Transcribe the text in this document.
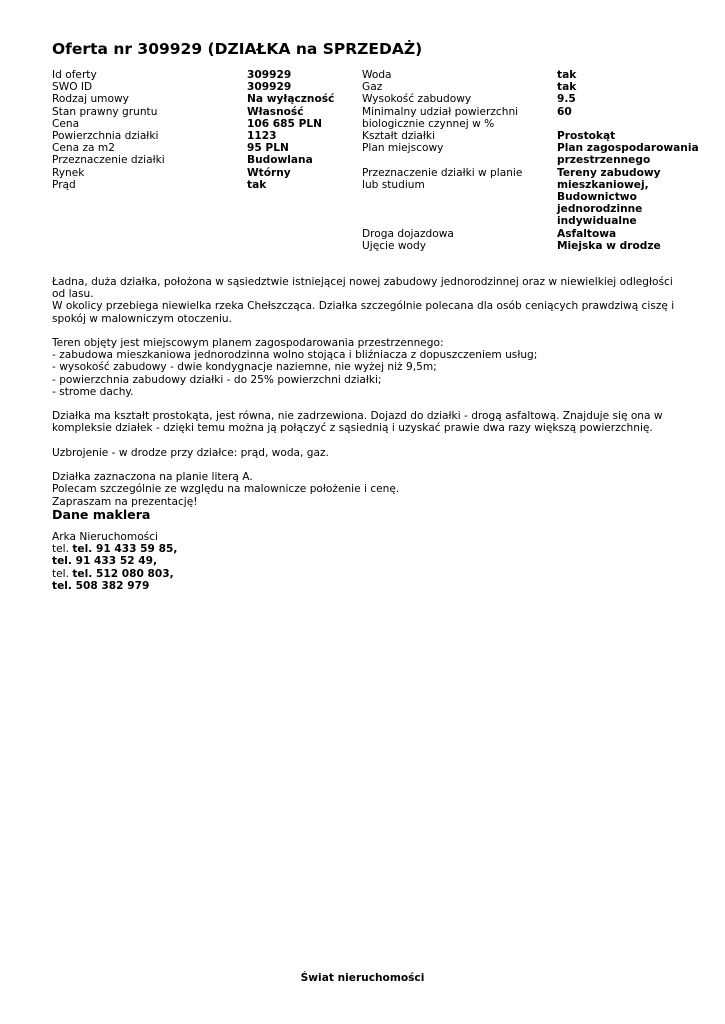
Oferta nr 309929 (DZIAŁKA na SPRZEDAŻ)
Id oferty	309929
SWO ID	309929
Rodzaj umowy	Na wyłączność
Stan prawny gruntu	Własność
Cena	106 685 PLN
Powierzchnia działki	1123
Cena za m2	95 PLN
Przeznaczenie działki	Budowlana
Rynek	Wtórny
Prąd	tak
Woda	tak
Gaz	tak
Wysokość zabudowy	9.5
Minimalny udział powierzchni biologicznie czynnej w %
60
Kształt działki	Prostokąt
Plan miejscowy	Plan zagospodarowania przestrzennego
Przeznaczenie działki w planie lub studium
Tereny zabudowy mieszkaniowej, Budownictwo jednorodzinne indywidualne
Droga dojazdowa	Asfaltowa
Ujęcie wody	Miejska w drodze

Ładna, duża działka, położona w sąsiedztwie istniejącej nowej zabudowy jednorodzinnej oraz w niewielkiej odległości od lasu.
W okolicy przebiega niewielka rzeka Chełszcząca. Działka szczególnie polecana dla osób ceniących prawdziwą ciszę i spokój w malowniczym otoczeniu.

Teren objęty jest miejscowym planem zagospodarowania przestrzennego:
- zabudowa mieszkaniowa jednorodzinna wolno stojąca i bliźniacza z dopuszczeniem usług;
- wysokość zabudowy - dwie kondygnacje naziemne, nie wyżej niż 9,5m;
- powierzchnia zabudowy działki - do 25% powierzchni działki;
- strome dachy.

Działka ma kształt prostokąta, jest równa, nie zadrzewiona. Dojazd do działki - drogą asfaltową. Znajduje się ona w kompleksie działek - dzięki temu można ją połączyć z sąsiednią i uzyskać prawie dwa razy większą powierzchnię.

Uzbrojenie - w drodze przy działce: prąd, woda, gaz.

Działka zaznaczona na planie literą A.
Polecam szczególnie ze względu na malownicze położenie i cenę.
Zapraszam na prezentację!

Dane maklera
Arka Nieruchomości
tel. tel. 91 433 59 85,
tel. 91 433 52 49,
tel. tel. 512 080 803,
tel. 508 382 979
Świat nieruchomości
